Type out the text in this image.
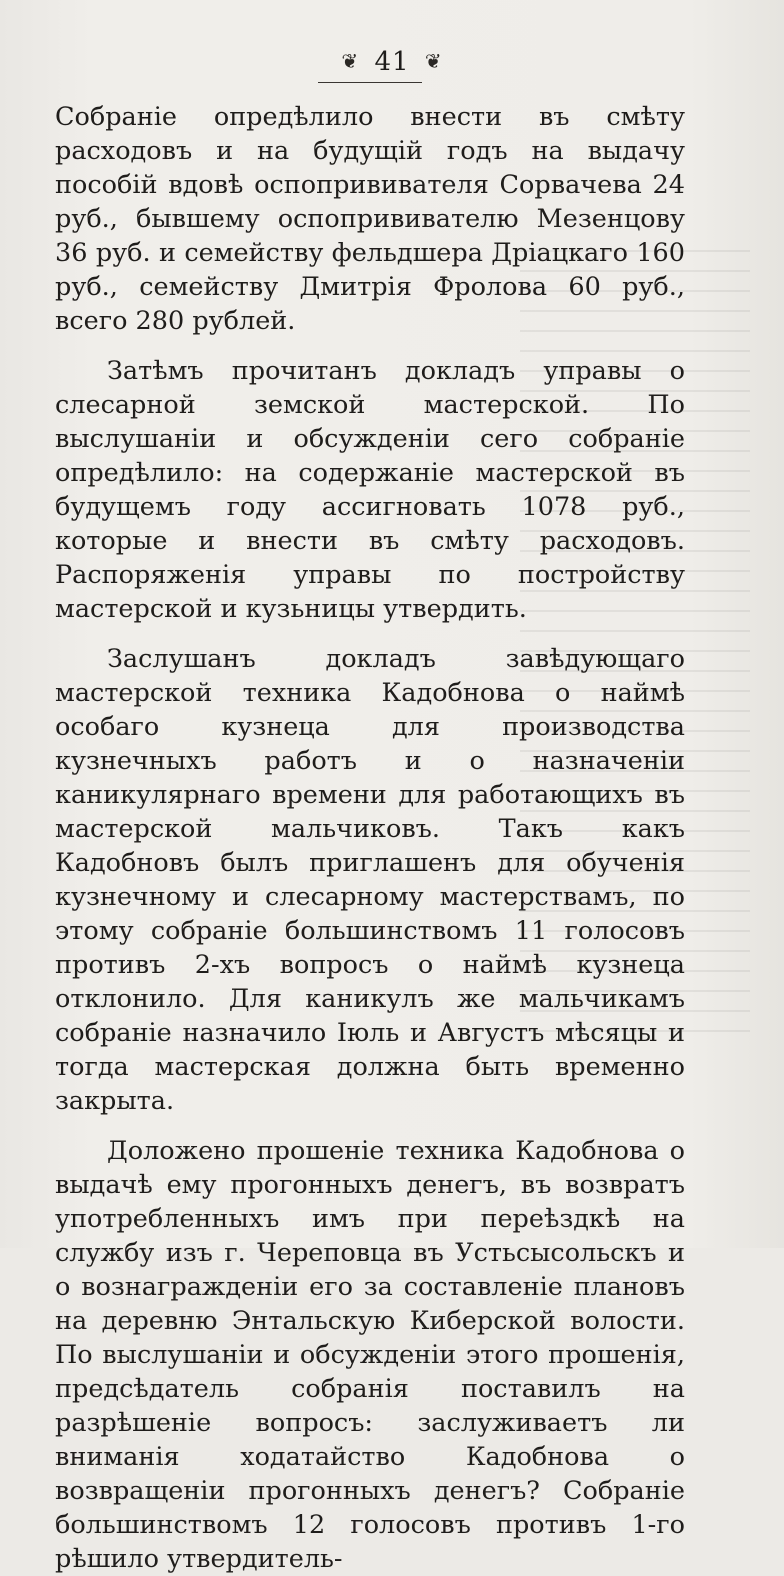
❦ 41 ❦

Собраніе опредѣлило внести въ смѣту расходовъ и на будущій годъ на выдачу пособій вдовѣ оспопрививателя Сорвачева 24 руб., бывшему оспопрививателю Мезенцову 36 руб. и семейству фельдшера Дріацкаго 160 руб., семейству Дмитрія Фролова 60 руб., всего 280 рублей.

Затѣмъ прочитанъ докладъ управы о слесарной земской мастерской. По выслушаніи и обсужденіи сего собраніе опредѣлило: на содержаніе мастерской въ будущемъ году ассигновать 1078 руб., которые и внести въ смѣту расходовъ. Распоряженія управы по постройству мастерской и кузьницы утвердить.

Заслушанъ докладъ завѣдующаго мастерской техника Кадобнова о наймѣ особаго кузнеца для производства кузнечныхъ работъ и о назначеніи каникулярнаго времени для работающихъ въ мастерской мальчиковъ. Такъ какъ Кадобновъ былъ приглашенъ для обученія кузнечному и слесарному мастерствамъ, по этому собраніе большинствомъ 11 голосовъ противъ 2-хъ вопросъ о наймѣ кузнеца отклонило. Для каникулъ же мальчикамъ собраніе назначило Іюль и Августъ мѣсяцы и тогда мастерская должна быть временно закрыта.

Доложено прошеніе техника Кадобнова о выдачѣ ему прогонныхъ денегъ, въ возвратъ употребленныхъ имъ при переѣздкѣ на службу изъ г. Череповца въ Устьсысольскъ и о вознагражденіи его за составленіе плановъ на деревню Энтальскую Киберской волости. По выслушаніи и обсужденіи этого прошенія, предсѣдатель собранія поставилъ на разрѣшеніе вопросъ: заслуживаетъ ли вниманія ходатайство Кадобнова о возвращеніи прогонныхъ денегъ? Собраніе большинствомъ 12 голосовъ противъ 1-го рѣшило утвердитель-
